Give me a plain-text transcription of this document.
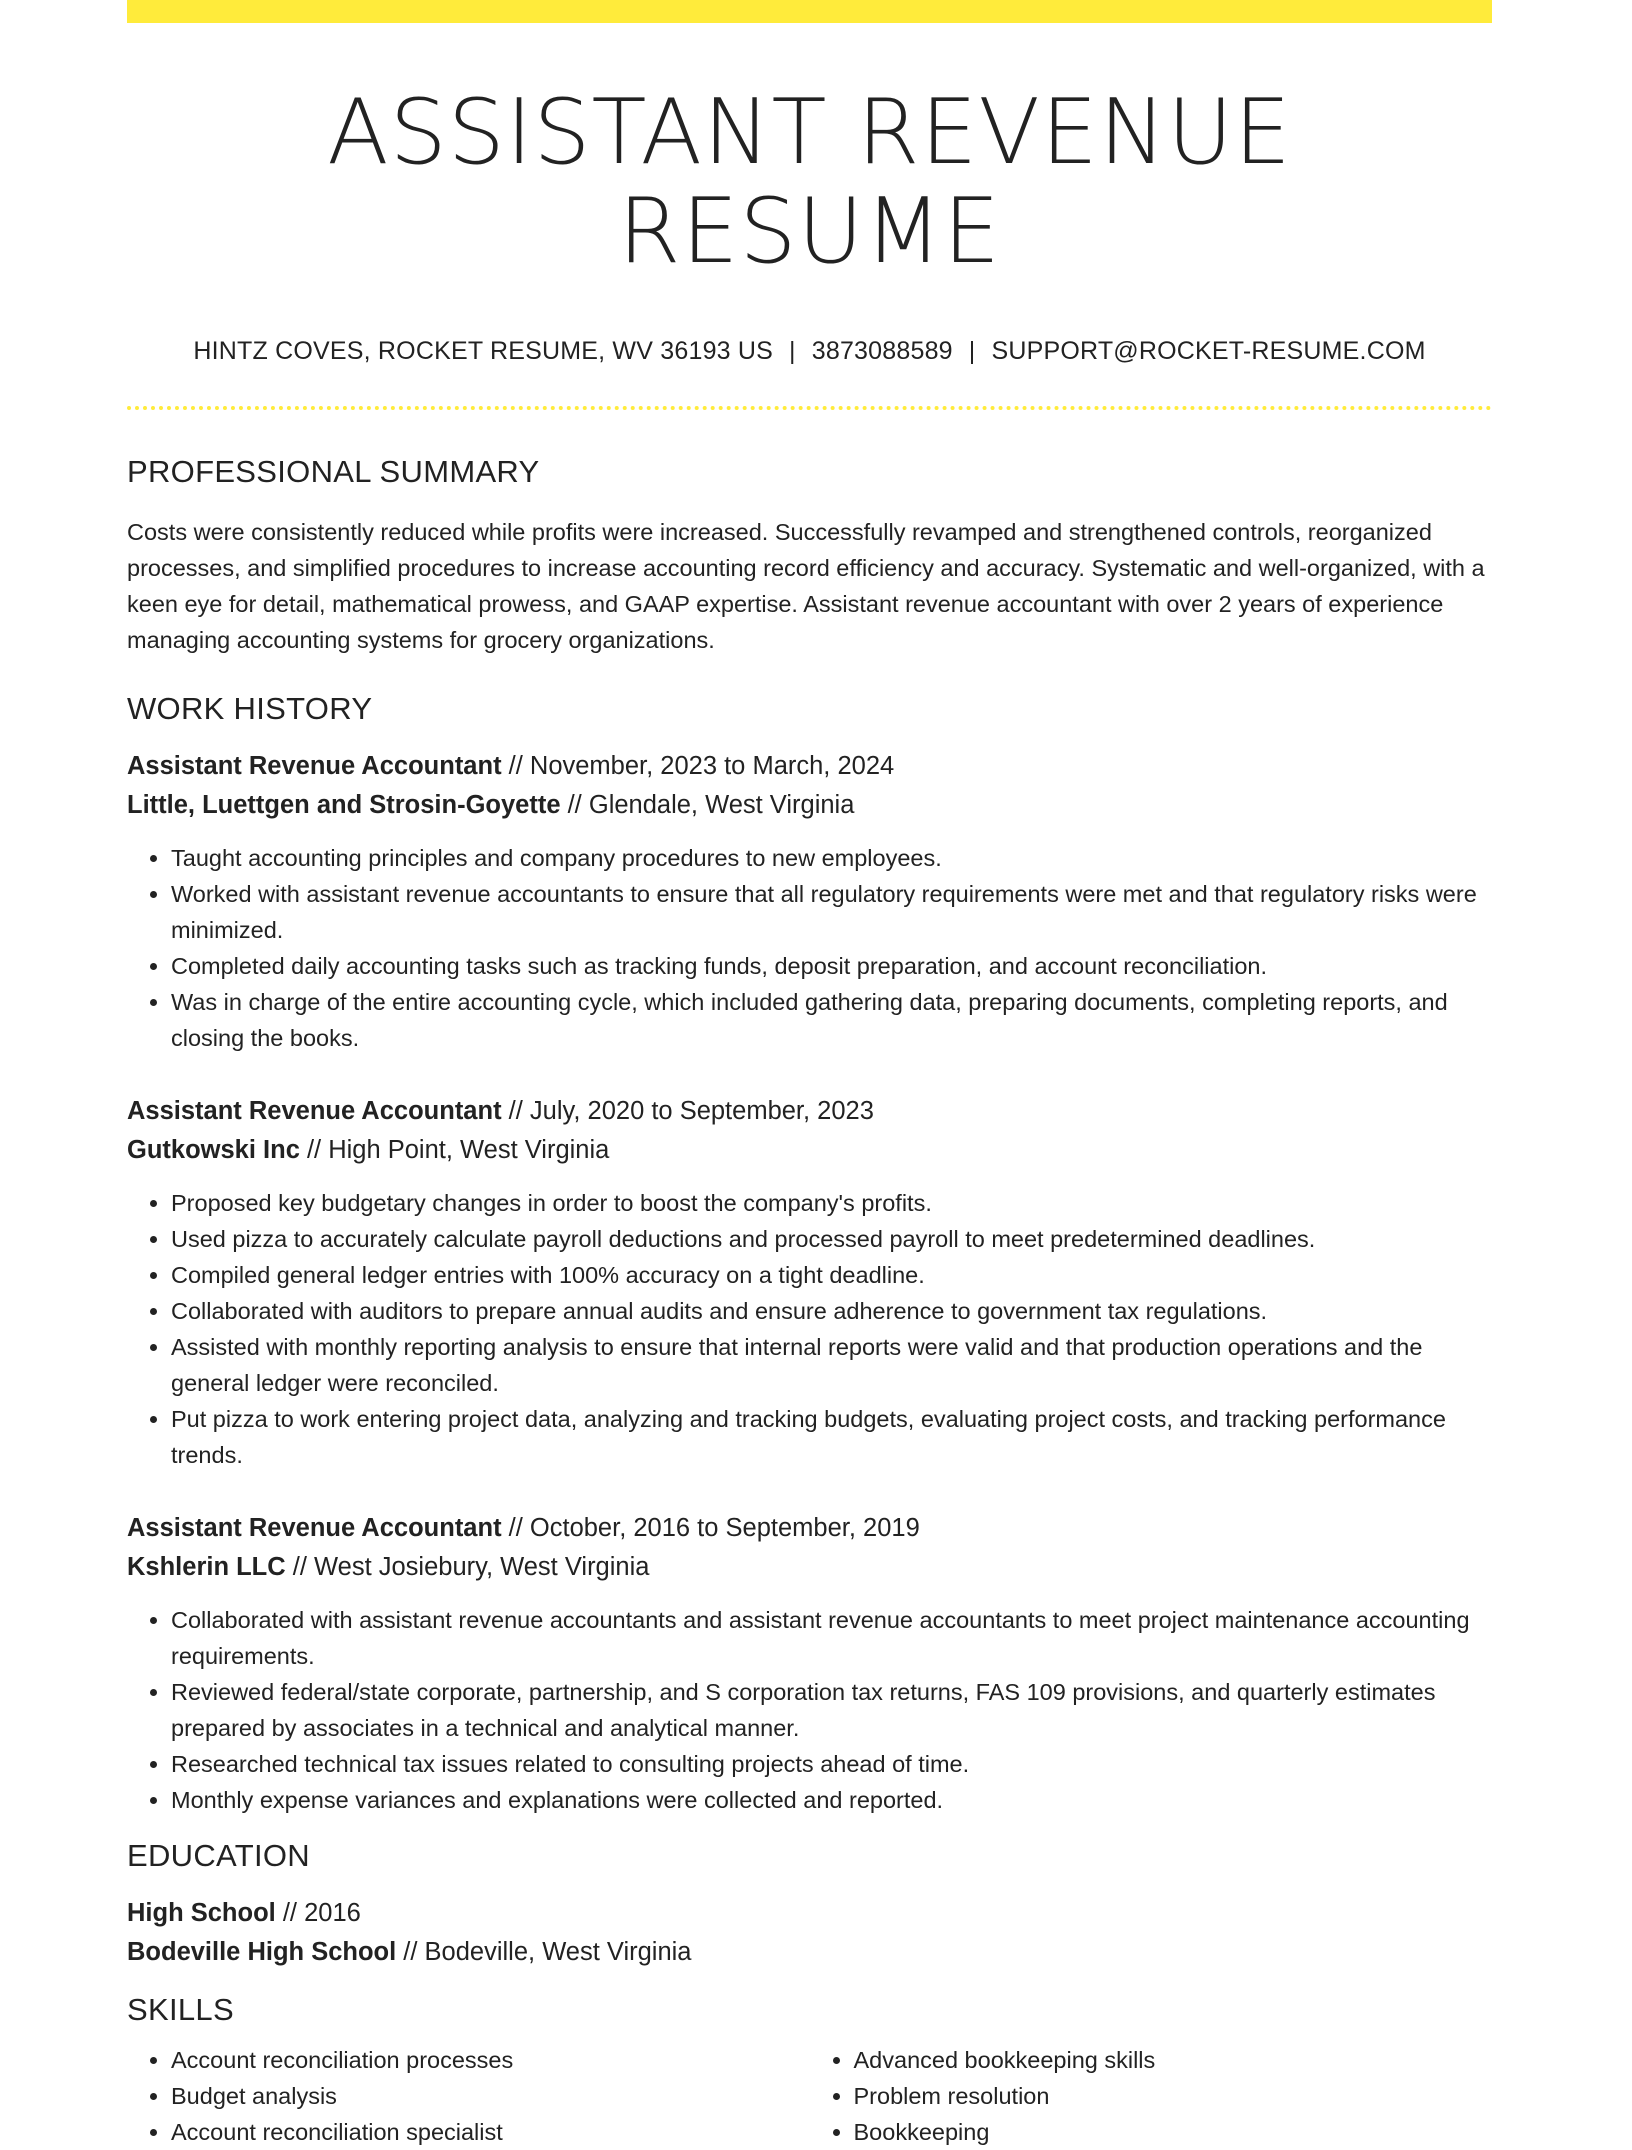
ASSISTANT REVENUE RESUME
HINTZ COVES, ROCKET RESUME, WV 36193 US | 3873088589 | SUPPORT@ROCKET-RESUME.COM
PROFESSIONAL SUMMARY
Costs were consistently reduced while profits were increased. Successfully revamped and strengthened controls, reorganized processes, and simplified procedures to increase accounting record efficiency and accuracy. Systematic and well-organized, with a keen eye for detail, mathematical prowess, and GAAP expertise. Assistant revenue accountant with over 2 years of experience managing accounting systems for grocery organizations.
WORK HISTORY
Assistant Revenue Accountant // November, 2023 to March, 2024
Little, Luettgen and Strosin-Goyette // Glendale, West Virginia
• Taught accounting principles and company procedures to new employees.
• Worked with assistant revenue accountants to ensure that all regulatory requirements were met and that regulatory risks were minimized.
• Completed daily accounting tasks such as tracking funds, deposit preparation, and account reconciliation.
• Was in charge of the entire accounting cycle, which included gathering data, preparing documents, completing reports, and closing the books.
Assistant Revenue Accountant // July, 2020 to September, 2023
Gutkowski Inc // High Point, West Virginia
• Proposed key budgetary changes in order to boost the company's profits.
• Used pizza to accurately calculate payroll deductions and processed payroll to meet predetermined deadlines.
• Compiled general ledger entries with 100% accuracy on a tight deadline.
• Collaborated with auditors to prepare annual audits and ensure adherence to government tax regulations.
• Assisted with monthly reporting analysis to ensure that internal reports were valid and that production operations and the general ledger were reconciled.
• Put pizza to work entering project data, analyzing and tracking budgets, evaluating project costs, and tracking performance trends.
Assistant Revenue Accountant // October, 2016 to September, 2019
Kshlerin LLC // West Josiebury, West Virginia
• Collaborated with assistant revenue accountants and assistant revenue accountants to meet project maintenance accounting requirements.
• Reviewed federal/state corporate, partnership, and S corporation tax returns, FAS 109 provisions, and quarterly estimates prepared by associates in a technical and analytical manner.
• Researched technical tax issues related to consulting projects ahead of time.
• Monthly expense variances and explanations were collected and reported.
EDUCATION
High School // 2016
Bodeville High School // Bodeville, West Virginia
SKILLS
• Account reconciliation processes
• Budget analysis
• Account reconciliation specialist
• Advanced bookkeeping skills
• Problem resolution
• Bookkeeping
